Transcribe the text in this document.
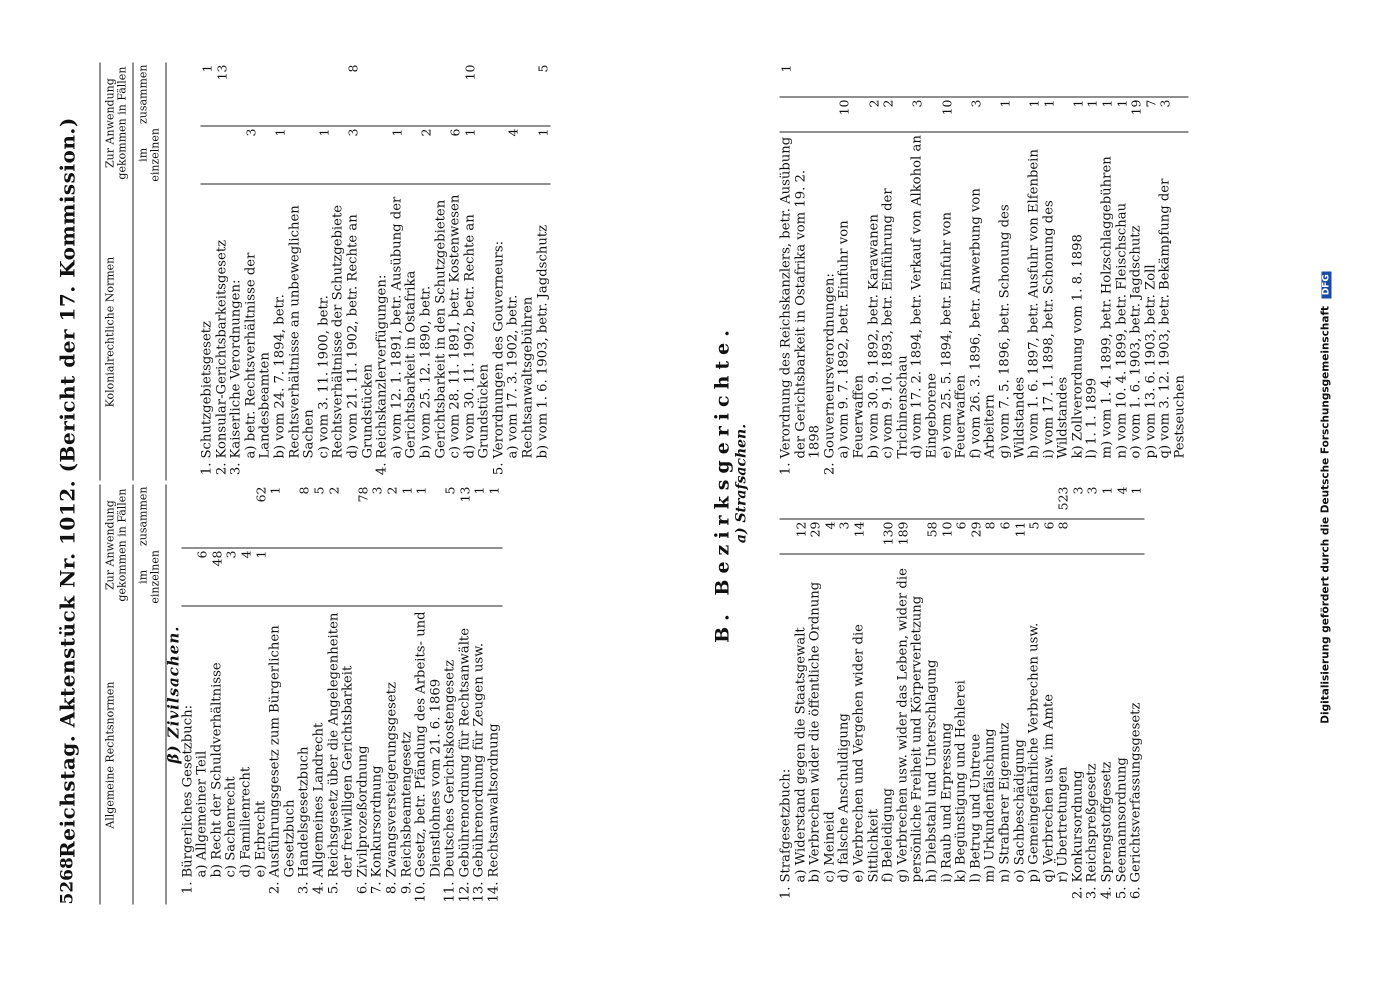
5268
Reichstag. Aktenstück Nr. 1012. (Bericht der 17. Kommission.) Allgemeine Rechtsnormen		Zur Anwendung gekommen in Fällen	

		im einzelnen	zusammen
β) Zivilsachen.			
1.	Bürgerliches Gesetzbuch:		
	a) Allgemeiner Teil	6	
	b) Recht der Schuldverhältnisse	48	
	c) Sachenrecht	3	
	d) Familienrecht	4	
	e) Erbrecht	1	62
2.	Ausführungsgesetz zum Bürgerlichen Gesetzbuch		1
3.	Handelsgesetzbuch		8
4.	Allgemeines Landrecht		5
5.	Reichsgesetz über die Angelegenheiten der freiwilligen Gerichtsbarkeit		2
6.	Zivilprozeßordnung		78
7.	Konkursordnung		3
8.	Zwangsversteigerungsgesetz		2
9.	Reichsbeamtengesetz		1
10.	Gesetz, betr. Pfändung des Arbeits- und Dienstlohnes vom 21. 6. 1869		1
11.	Deutsches Gerichtskostengesetz		5
12.	Gebührenordnung für Rechtsanwälte		13
13.	Gebührenordnung für Zeugen usw.		1
14.	Rechtsanwaltsordnung		1
Kolonialrechtliche Normen		Zur Anwendung gekommen in Fällen	

		im einzelnen	zusammen

1.	Schutzgebietsgesetz		1
2.	Konsular-Gerichtsbarkeitsgesetz		13
3.	Kaiserliche Verordnungen:		
	a) betr. Rechtsverhältnisse der Landesbeamten	3	
	b) vom 24. 7. 1894, betr. Rechtsverhältnisse an unbeweglichen Sachen	1	
	c) vom 3. 11. 1900, betr. Rechtsverhältnisse der Schutzgebiete	1	
	d) vom 21. 11. 1902, betr. Rechte an Grundstücken	3	8
4.	Reichskanzlerverfügungen:		
	a) vom 12. 1. 1891, betr. Ausübung der Gerichtsbarkeit in Ostafrika	1	
	b) vom 25. 12. 1890, betr. Gerichtsbarkeit in den Schutzgebieten	2	
	c) vom 28. 11. 1891, betr. Kostenwesen	6	
	d) vom 30. 11. 1902, betr. Rechte an Grundstücken	1	10
5.	Verordnungen des Gouverneurs:		
	a) vom 17. 3. 1902, betr. Rechtsanwaltsgebühren	4	
	b) vom 1. 6. 1903, betr. Jagdschutz	1	5
B. Bezirksgerichte. a) Strafsachen.
1.	Strafgesetzbuch:		
	a) Widerstand gegen die Staatsgewalt	12	
	b) Verbrechen wider die öffentliche Ordnung	29	
	c) Meineid	4	
	d) falsche Anschuldigung	3	
	e) Verbrechen und Vergehen wider die Sittlichkeit	14	
	f) Beleidigung	130	
	g) Verbrechen usw. wider das Leben, wider die persönliche Freiheit und Körperverletzung	189	
	h) Diebstahl und Unterschlagung	58	
	i) Raub und Erpressung	10	
	k) Begünstigung und Hehlerei	6	
	l) Betrug und Untreue	29	
	m) Urkundenfälschung	8	
	n) Strafbarer Eigennutz	6	
	o) Sachbeschädigung	11	
	p) Gemeingefährliche Verbrechen usw.	5	
	q) Verbrechen usw. im Amte	6	
	r) Übertretungen	8	523
2.	Konkursordnung		3
3.	Reichspreßgesetz		3
4.	Sprengstoffgesetz		1
5.	Seemannsordnung		4
6.	Gerichtsverfassungsgesetz		1
1.	Verordnung des Reichskanzlers, betr. Ausübung der Gerichtsbarkeit in Ostafrika vom 19. 2. 1898		1
2.	Gouverneursverordnungen:		
	a) vom 9. 7. 1892, betr. Einfuhr von Feuerwaffen	10	
	b) vom 30. 9. 1892, betr. Karawanen	2	
	c) vom 9. 10. 1893, betr. Einführung der Trichinenschau	2	
	d) vom 17. 2. 1894, betr. Verkauf von Alkohol an Eingeborene	3	
	e) vom 25. 5. 1894, betr. Einfuhr von Feuerwaffen	10	
	f) vom 26. 3. 1896, betr. Anwerbung von Arbeitern	3	
	g) vom 7. 5. 1896, betr. Schonung des Wildstandes	1	
	h) vom 1. 6. 1897, betr. Ausfuhr von Elfenbein	1	
	i) vom 17. 1. 1898, betr. Schonung des Wildstandes	1	
	k) Zollverordnung vom 1. 8. 1898	1	
	l) 1. 1. 1899	1	
	m) vom 1. 4. 1899, betr. Holzschlaggebühren	1	
	n) vom 10. 4. 1899, betr. Fleischschau	1	
	o) vom 1. 6. 1903, betr. Jagdschutz	19	
	p) vom 13. 6. 1903, betr. Zoll	7	
	q) vom 3. 12. 1903, betr. Bekämpfung der Pestseuchen	3	
Digitalisierung gefördert durch die Deutsche Forschungsgemeinschaft DFG
